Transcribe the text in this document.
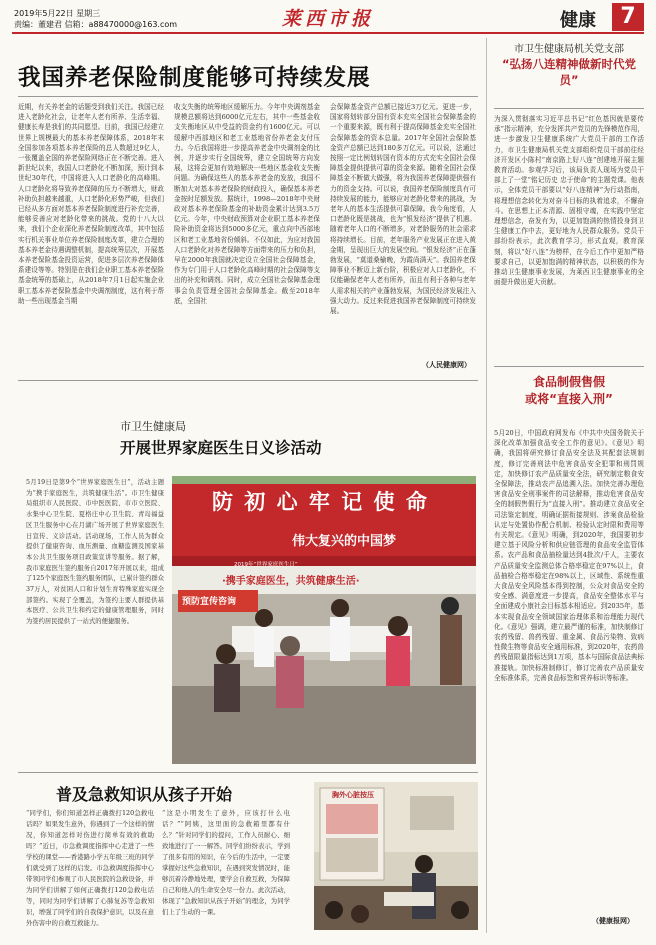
2019年5月22日 星期三
责编：董建君 信箱：a88470000@163.com	莱西市报	健康	7
我国养老保险制度能够可持续发展
近期，有关养老金的话题受到我们关注。我国已经进入老龄化社会，让老年人老有所养、生活幸福、健康长寿是我们的共同愿望。目前，我国已经建立世界上规模最大的基本养老保障体系，2018年末全国参加各项基本养老保险的总人数超过9亿人，一张覆盖全国的养老保险网络正在不断完善。进入新世纪以来，我国人口老龄化不断加深，预计到本世纪30年代，中国将进入人口老龄化的高峰期。人口老龄化将导致养老保障的压力不断增大，财政补助负担越来越重，人口老龄化形势严峻，但我们已经从多方面对基本养老保险制度进行补充完善，能够妥善应对老龄化带来的挑战。党的十八大以来，我们个企业深化养老保险制度改革，其中包括实行机关事业单位养老保险制度改革，建立合理的基本养老金待遇调整机制，提高统筹层次，开展基本养老保险基金投资运营，促进多层次养老保障体系建设等等。特别是在我们企业职工基本养老保险基金统筹的基础上，从2018年7月1日起实施企业职工基本养老保险基金中央调剂制度，这有利于帮助一些出现基金当期
收支失衡的统筹地区缓解压力。今年中央调剂基金规模总额将达到6000亿元左右，其中一些基金收支失衡地区从中受益的资金约有1600亿元。可以缓解中西部地区和老工业基地省份养老金支付压力。今后我国将进一步提高养老金中央调剂金的比例，并逐步实行全国统筹，建立全国统筹方向发展，这将会更加有效地解决一些地区基金收支失衡问题。为确保这些人的基本养老金的发放，我国不断加大对基本养老保险的财政投入，确保基本养老金按时足额发放。据统计，1998—2018年中央财政对基本养老保险基金的补助资金累计达到3.5万亿元。今年，中央财政预算对企业职工基本养老保险补助资金将达到5000多亿元，重点向中西部地区和老工业基地省份倾斜。不仅如此，为应对我国人口老龄化对养老保障等方面带来的压力和负担，早在2000年我国就决定设立全国社会保障基金，作为专门用于人口老龄化高峰时期的社会保障等支出的补充和调剂。同时，成立全国社会保障基金理事会负责管理全国社会保障基金。截至2018年底，全国社
会保障基金资产总额已接近3万亿元。更进一步，国家将划转部分国有资本充实全国社会保障基金的一个重要来源，既有利于提高保障基金充实全国社会保障基金的资本总量。2017年全国社会保险基金资产总额已达到180多万亿元。可以说，法通过按照一定比例划转国有资本的方式充实全国社会保障基金提供提供可靠的资金来源。随着全国社会保障基金不断做大做强，将为我国养老保障提供强有力的资金支持。可以说，我国养老保险制度具有可持续发展的能力，能够应对老龄化带来的挑战，为老年人的基本生活提供可靠保障。我今角度看，人口老龄化既是挑战，也为“银发经济”提供了机遇。随着老年人口的不断增多，对老龄服务的社会需求将持续增长。目前，老年服务产业发展正在进入黄金期，呈现出巨大的发展空间。“银发经济”正在蓬勃发展，“莫道桑榆晚，为霞尚满天”。我国养老保障事业不断迈上新台阶，积极应对人口老龄化，不仅能确保老年人老有所养，而且有利于各种与老年人需求相关的产业蓬勃发展，为国民经济发展注入强大动力。反过来促进我国养老保障制度可持续发展。
（人民健康网）
市卫生健康局机关党支部
“弘扬八连精神做新时代党员”
为深入贯彻落实习近平总书记“红色基因就是要传承”指示精神，充分发挥共产党员的先锋模范作用，进一步激发卫生健康系统广大党员干部的工作活力，市卫生健康局机关党支部组织党员干部前往经济开发区小陈村“南京路上好八连”创建地开展主题教育活动。参观学习后，该局负责人现场为党员干部上了一堂“铭记历史 忠于使命”的主题党课。他表示，全体党员干部要以“好八连精神”为行动指南，将理想信念转化为对奋斗目标的执着追求，不懈奋斗。在思想上正本清源、固根守魂，在实践中坚定理想信念，奋发有为，以更加饱满的热情投身到卫生健康工作中去，更好地为人民群众服务。党员干部纷纷表示，此次教育学习，形式直观，教育深刻，将以“好八连”为榜样，在今后工作中更加严格要求自己，以更加饱满的精神状态，以积极的作为推动卫生健康事业发展，为莱西卫生健康事业的全面提升做出更大贡献。
食品制假售假
或将“直接入刑”
5月20日，中国政府网发布《中共中央国务院关于深化改革加强食品安全工作的意见》。《意见》明确，我国将研究修订食品安全法及其配套法规制度，修订完善刑法中危害食品安全犯罪和刑罚规定，加快修订农产品质量安全法，研究制定粮食安全保障法，推动农产品追溯入法。加快完善办理危害食品安全刑事案件的司法解释，推动危害食品安全的制假售假行为“直接入刑”。推动建立食品安全司法鉴定制度，明确证据衔接规则、涉案食品检验认定与处置协作配合机制、检验认定时限和费用等有关规定。《意见》明确，到2020年，我国要初步建立基于风险分析和供应链管理的食品安全监管体系。农产品和食品抽检量达到4批次/千人，主要农产品质量安全监测总体合格率稳定在97%以上，食品抽检合格率稳定在98%以上，区域性、系统性重大食品安全风险基本得到控制，公众对食品安全的安全感、满意度进一步提高，食品安全整体水平与全面建成小康社会目标基本相适应。到2035年，基本实现食品安全领域国家治理体系和治理能力现代化。《意见》强调，建立最严谨的标准，加快制修订农药残留、兽药残留、重金属、食品污染物、致病性微生物等食品安全通用标准，到2020年，农药兽药残留限量指标达到1万项，基本与国际食品法典标准接轨。加快标准制修订，修订完善农产品质量安全标准体系，完善食品标签和营养标识等标准。
（健康报网）
市卫生健康局
开展世界家庭医生日义诊活动
5月19日是第9个“世界家庭医生日”，活动主题为“携手家庭医生，共筑健康生活”。市卫生健康局组织市人民医院、市中医医院、市市立医院、水集中心卫生院、夏格庄中心卫生院、青岛福益区卫生服务中心在月湖广场开展了世界家庭医生日宣传、义诊活动。活动现场，工作人员为群众提供了健康咨询、血压测量、血糖监测及国家基本公共卫生服务项目政策宣讲等服务。据了解，我市家庭医生签约服务自2017年开展以来，组成了125个家庭医生签约服务团队，已累计签约群众37万人，对贫困人口和计划生育特殊家庭实现全部签约。实现了全覆盖，为签约主要人群提供基本医疗、公共卫生和约定的健康管理服务，同时为签约居民提供了一站式的便捷服务。
防 初 心 牢 记 使 命
伟大复兴的中国梦
·携手家庭医生，共筑健康生活·
预防宣传咨询
2019年“世界家庭医生日”
普及急救知识从孩子开始
“同学们，你们知道怎样正确拨打120急救电话吗？如果发生意外，你遇到了一个这样的情况，你知道怎样对伤进行简单有效的救助吗？”近日，市急救调度指挥中心走进了一些学校的课堂——香港路小学五年级三班的同学们就受到了这样的启发。市急救调度指挥中心带领同学们参观了市人民医院的急救设备，并为同学们讲解了如何正确拨打120急救电话等，同时为同学们讲解了心肺复苏等急救知识，增强了同学们的自我保护意识，以及在意外伤害中的自救互救能力。
“这是小明发生了意外，应该打什么电话？”“阿姨，这里面的急救箱里都有什么？”针对同学们的提问，工作人员耐心、细致地进行了一一解答。同学们纷纷表示，学到了很多有用的知识，在今后的生活中，一定要掌握好这些急救知识，在遇到突发情况时，能够沉着冷静地处理，要学会自救互救，为保障自己和他人的生命安全尽一份力。此次活动，体现了“急救知识从孩子开始”的理念，为同学们上了生动的一课。
胸外心脏按压
